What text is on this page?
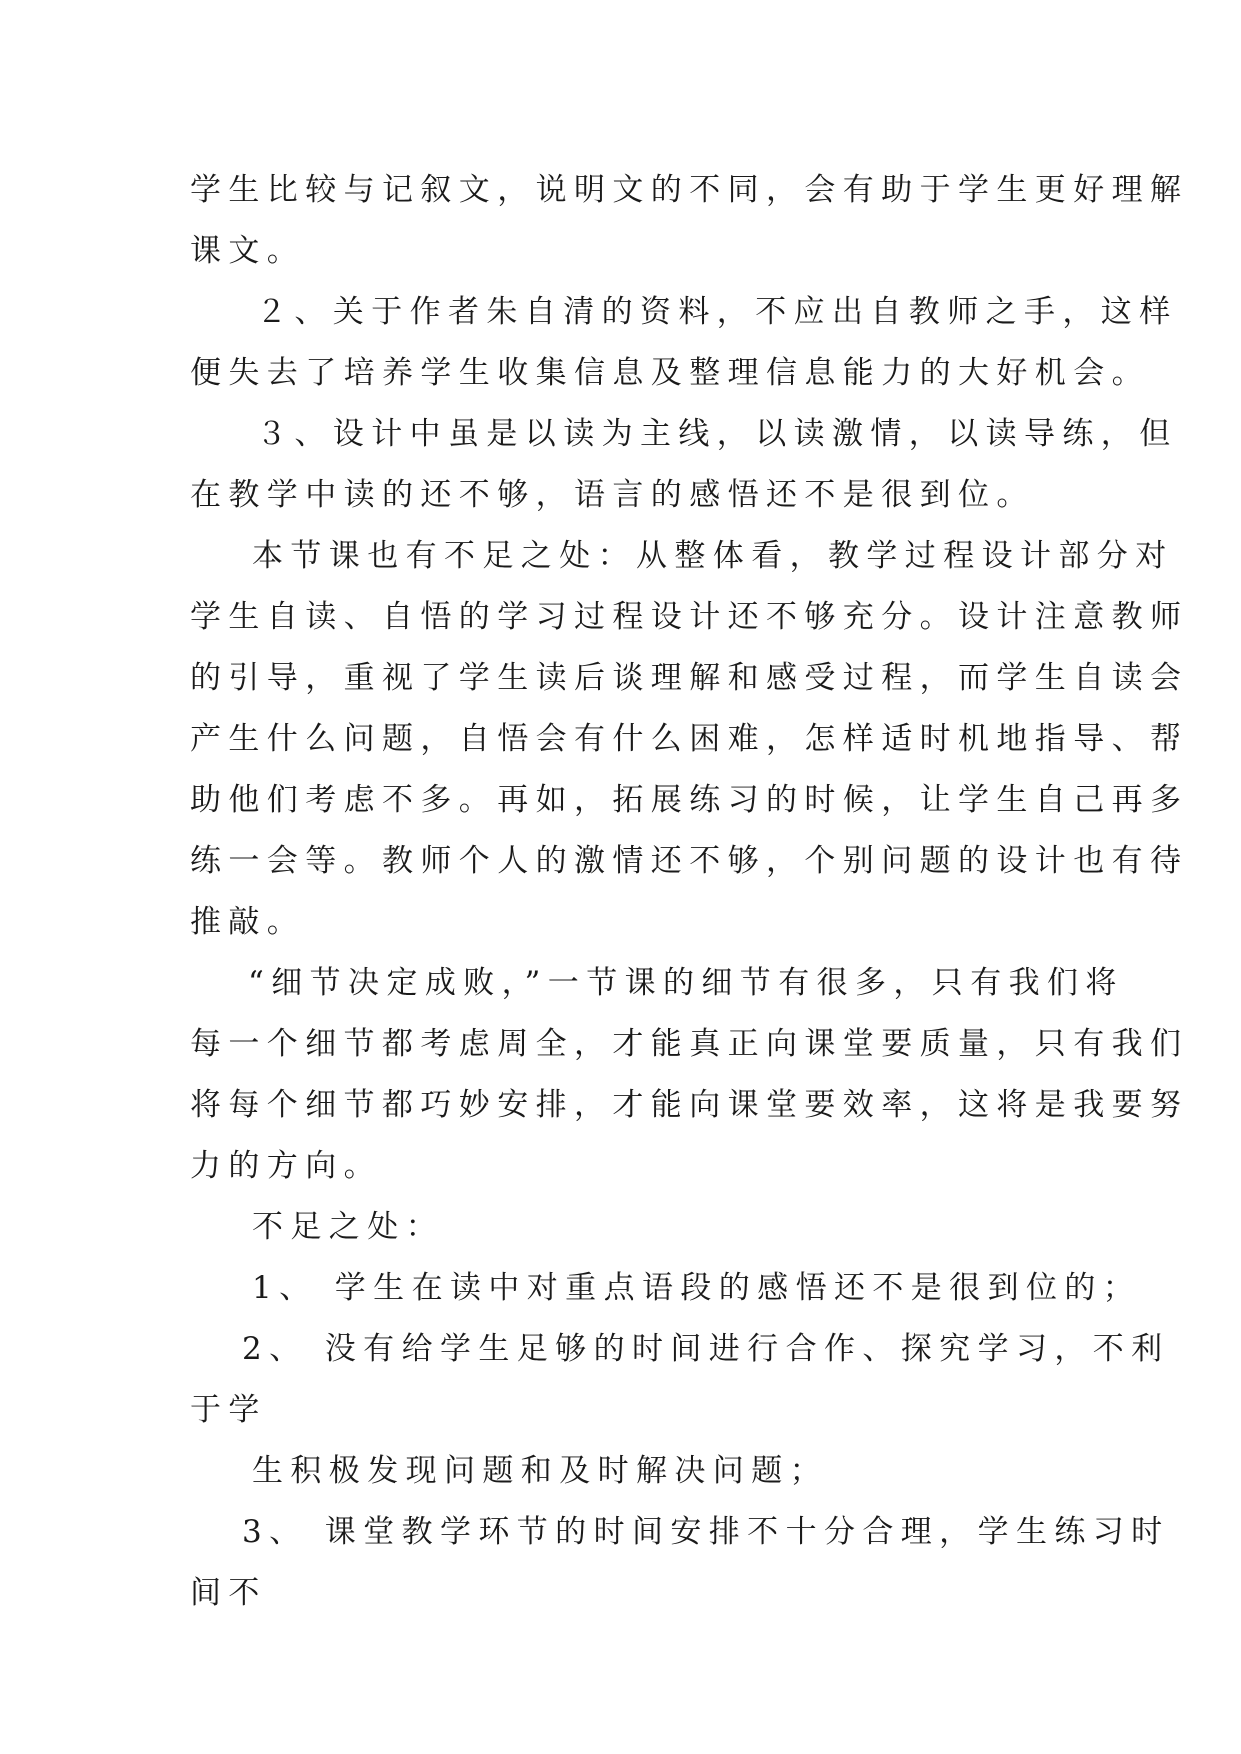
学生比较与记叙文，说明文的不同，会有助于学生更好理解
课文。
２、关于作者朱自清的资料，不应出自教师之手，这样
便失去了培养学生收集信息及整理信息能力的大好机会。
３、设计中虽是以读为主线，以读激情，以读导练，但
在教学中读的还不够，语言的感悟还不是很到位。
本节课也有不足之处：从整体看，教学过程设计部分对
学生自读、自悟的学习过程设计还不够充分。设计注意教师
的引导，重视了学生读后谈理解和感受过程，而学生自读会
产生什么问题，自悟会有什么困难，怎样适时机地指导、帮
助他们考虑不多。再如，拓展练习的时候，让学生自己再多
练一会等。教师个人的激情还不够，个别问题的设计也有待
推敲。
“细节决定成败，”一节课的细节有很多，只有我们将
每一个细节都考虑周全，才能真正向课堂要质量，只有我们
将每个细节都巧妙安排，才能向课堂要效率，这将是我要努
力的方向。
不足之处：
1、 学生在读中对重点语段的感悟还不是很到位的；
2、 没有给学生足够的时间进行合作、探究学习，不利
于学
生积极发现问题和及时解决问题；
3、 课堂教学环节的时间安排不十分合理，学生练习时
间不
